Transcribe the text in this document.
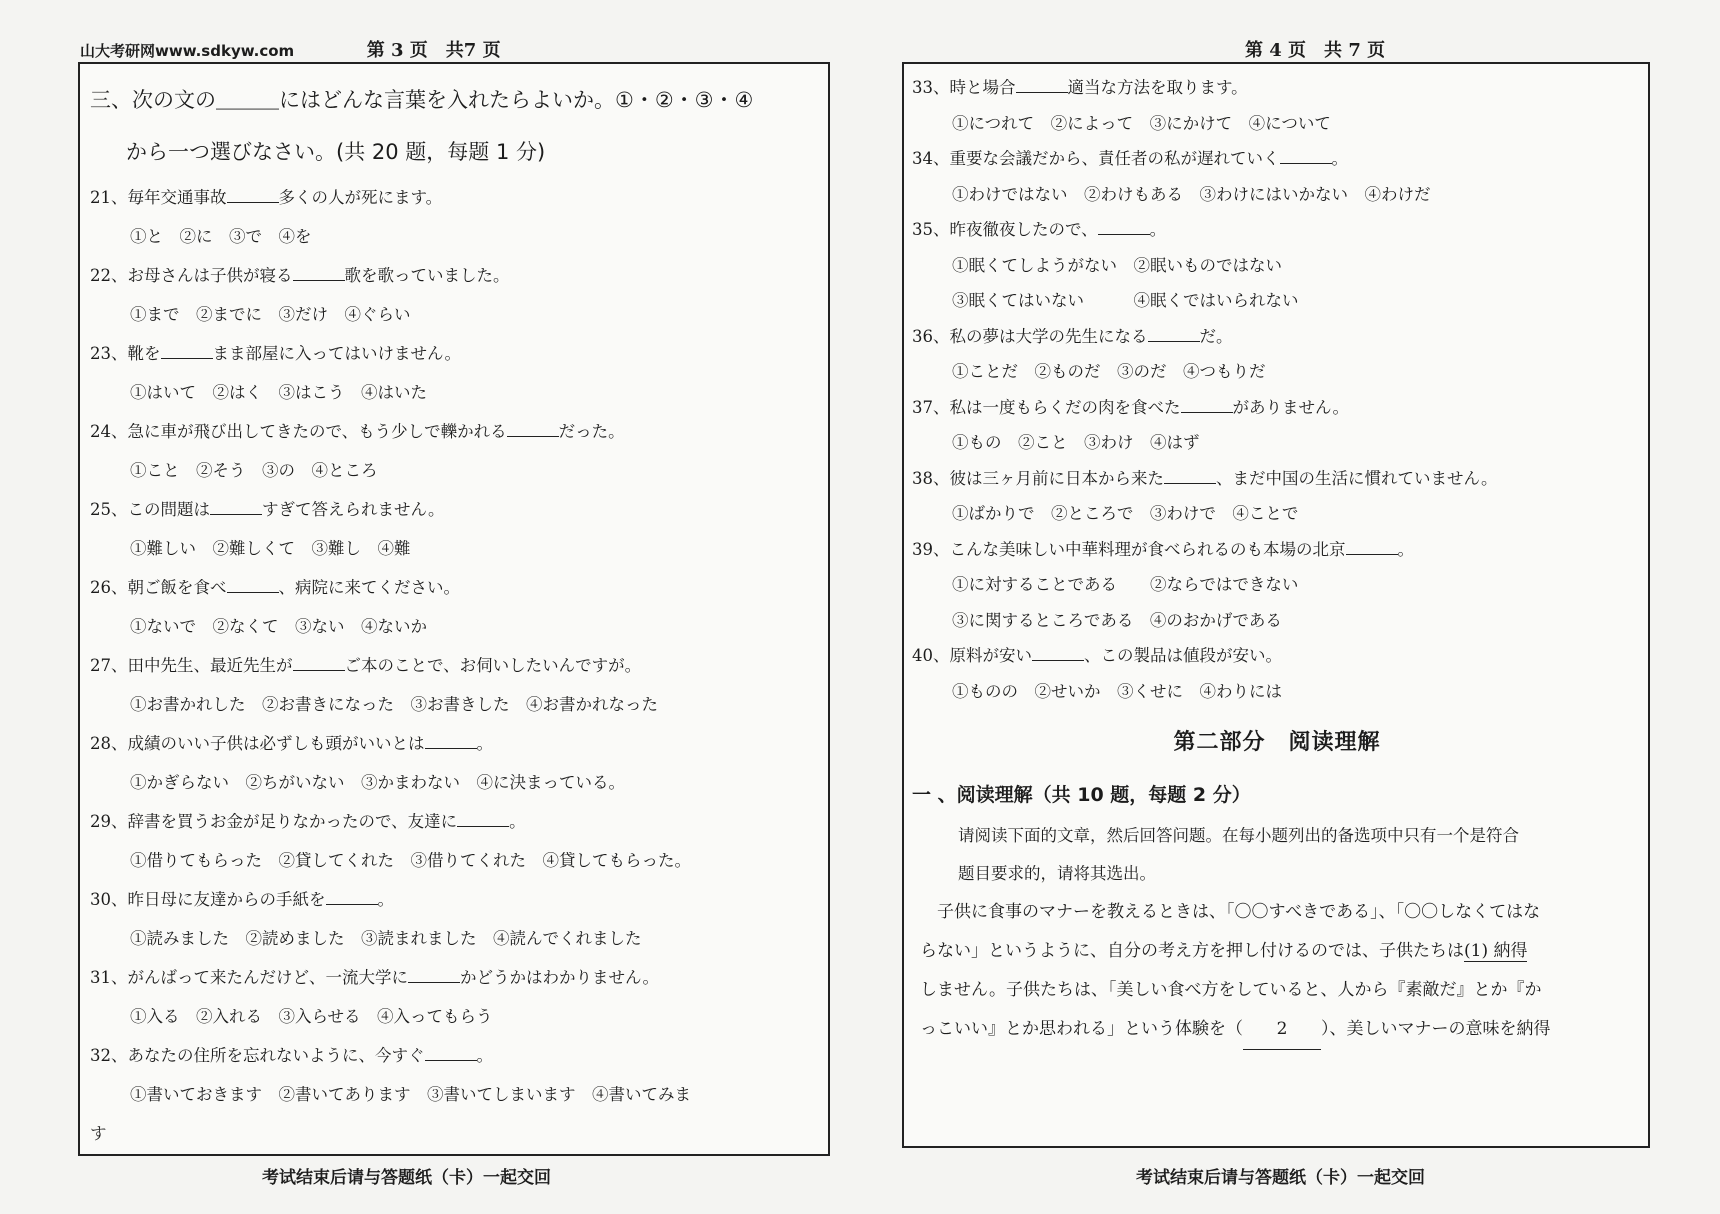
山大考研网www.sdkyw.com	第 3 页　共7 页
三、次の文の＿＿＿にはどんな言葉を入れたらよいか。①・②・③・④
から一つ選びなさい。(共 20 题，每题 1 分)
21、毎年交通事故	多くの人が死にます。
①と　②に　③で　④を
22、お母さんは子供が寝る	歌を歌っていました。
①まで　②までに　③だけ　④ぐらい
23、靴を	まま部屋に入ってはいけません。
①はいて　②はく　③はこう　④はいた
24、急に車が飛び出してきたので、もう少しで轢かれる	だった。
①こと　②そう　③の　④ところ
25、この問題は	すぎて答えられません。
①難しい　②難しくて　③難し　④難
26、朝ご飯を食べ	、病院に来てください。
①ないで　②なくて　③ない　④ないか
27、田中先生、最近先生が	ご本のことで、お伺いしたいんですが。
①お書かれした　②お書きになった　③お書きした　④お書かれなった
28、成績のいい子供は必ずしも頭がいいとは	。
①かぎらない　②ちがいない　③かまわない　④に決まっている。
29、辞書を買うお金が足りなかったので、友達に	。
①借りてもらった　②貸してくれた　③借りてくれた　④貸してもらった。
30、昨日母に友達からの手紙を	。
①読みました　②読めました　③読まれました　④読んでくれました
31、がんばって来たんだけど、一流大学に	かどうかはわかりません。
①入る　②入れる　③入らせる　④入ってもらう
32、あなたの住所を忘れないように、今すぐ	。
①書いておきます　②書いてあります　③書いてしまいます　④書いてみま
す
考试结束后请与答题纸（卡）一起交回
第 4 页　共 7 页
33、時と場合	適当な方法を取ります。
①につれて　②によって　③にかけて　④について
34、重要な会議だから、責任者の私が遅れていく	。
①わけではない　②わけもある　③わけにはいかない　④わけだ
35、昨夜徹夜したので、	。
①眠くてしようがない　②眠いものではない
③眠くてはいない　　　④眠くではいられない
36、私の夢は大学の先生になる	だ。
①ことだ　②ものだ　③のだ　④つもりだ
37、私は一度もらくだの肉を食べた	がありません。
①もの　②こと　③わけ　④はず
38、彼は三ヶ月前に日本から来た	、まだ中国の生活に慣れていません。
①ばかりで　②ところで　③わけで　④ことで
39、こんな美味しい中華料理が食べられるのも本場の北京	。
①に対することである　　②ならではできない
③に関するところである　④のおかげである
40、原料が安い	、この製品は値段が安い。
①ものの　②せいか　③くせに　④わりには
第二部分　阅读理解
一 、阅读理解（共 10 题，每题 2 分）
请阅读下面的文章，然后回答问题。在每小题列出的备选项中只有一个是符合
题目要求的，请将其选出。
　子供に食事のマナーを教えるときは、「〇〇すべきである」、「〇〇しなくてはな
らない」というように、自分の考え方を押し付けるのでは、子供たちは(1) 納得
しません。子供たちは、「美しい食べ方をしていると、人から『素敵だ』とか『か
っこいい』とか思われる」という体験を（ 2 ）、美しいマナーの意味を納得
考试结束后请与答题纸（卡）一起交回
